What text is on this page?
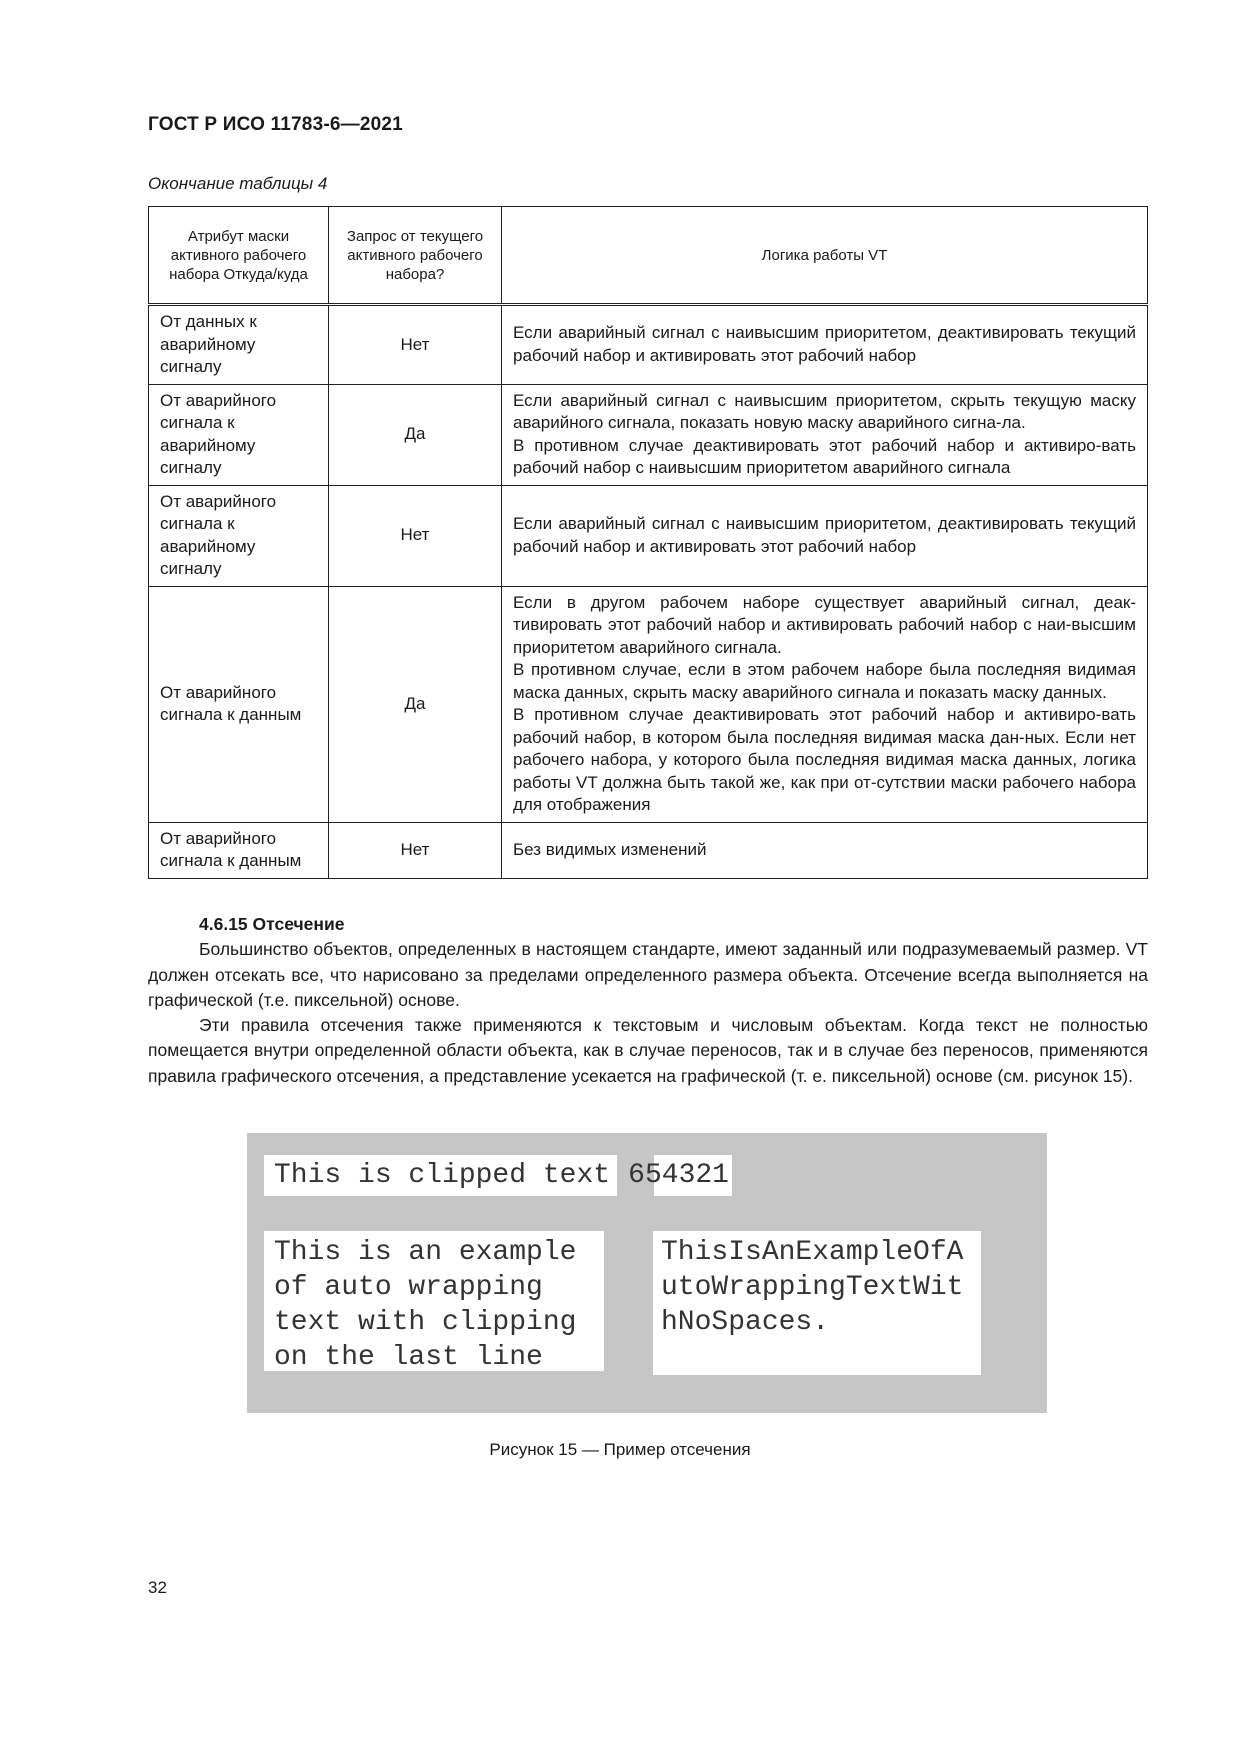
ГОСТ Р ИСО 11783-6—2021
Окончание таблицы 4
Атрибут маски активного рабочего набора Откуда/куда	Запрос от текущего активного рабочего набора?	Логика работы VT
От данных к аварийному сигналу	Нет	Если аварийный сигнал с наивысшим приоритетом, деактивировать текущий рабочий набор и активировать этот рабочий набор
От аварийного сигнала к аварийному сигналу	Да	Если аварийный сигнал с наивысшим приоритетом, скрыть текущую маску аварийного сигнала, показать новую маску аварийного сигна-ла.
В противном случае деактивировать этот рабочий набор и активиро-вать рабочий набор с наивысшим приоритетом аварийного сигнала
От аварийного сигнала к аварийному сигналу	Нет	Если аварийный сигнал с наивысшим приоритетом, деактивировать текущий рабочий набор и активировать этот рабочий набор
От аварийного сигнала к данным	Да	Если в другом рабочем наборе существует аварийный сигнал, деак-тивировать этот рабочий набор и активировать рабочий набор с наи-высшим приоритетом аварийного сигнала.
В противном случае, если в этом рабочем наборе была последняя видимая маска данных, скрыть маску аварийного сигнала и показать маску данных.
В противном случае деактивировать этот рабочий набор и активиро-вать рабочий набор, в котором была последняя видимая маска дан-ных. Если нет рабочего набора, у которого была последняя видимая маска данных, логика работы VT должна быть такой же, как при от-сутствии маски рабочего набора для отображения
От аварийного сигнала к данным	Нет	Без видимых изменений
4.6.15 Отсечение

Большинство объектов, определенных в настоящем стандарте, имеют заданный или подразумеваемый размер. VT должен отсекать все, что нарисовано за пределами определенного размера объекта. Отсечение всегда выполняется на графической (т.е. пиксельной) основе.

Эти правила отсечения также применяются к текстовым и числовым объектам. Когда текст не полностью помещается внутри определенной области объекта, как в случае переносов, так и в случае без переносов, применяются правила графического отсечения, а представление усекается на графической (т. е. пиксельной) основе (см. рисунок 15).

This is clipped text 654321
This is an example
of auto wrapping
text with clipping
on the last line
ThisIsAnExampleOfA
utoWrappingTextWit
hNoSpaces.
Рисунок 15 — Пример отсечения
32
